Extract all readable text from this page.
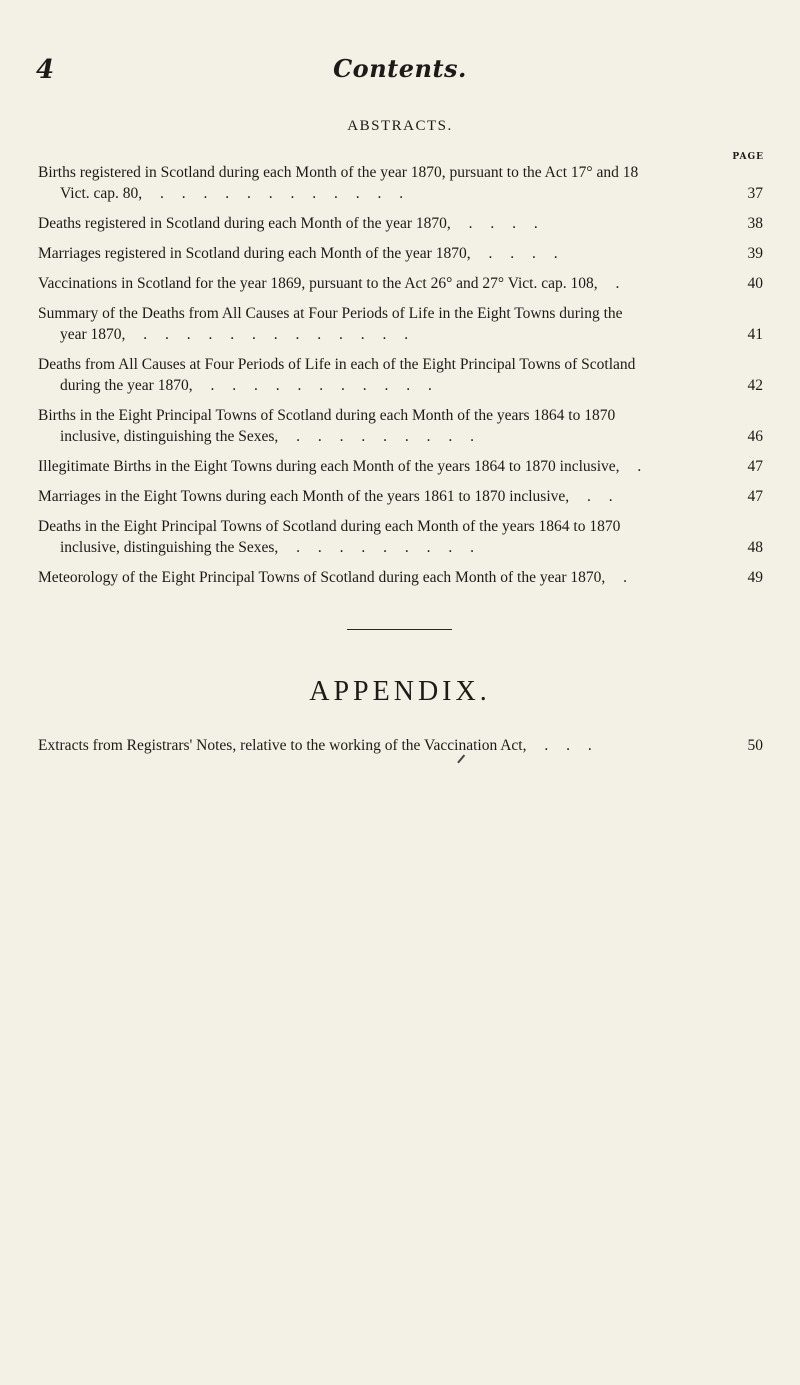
4	Contents.
ABSTRACTS.
PAGE
Births registered in Scotland during each Month of the year 1870, pursuant to the Act 17° and 18
Vict. cap. 80, . . . . . . . . . . . .	37
Deaths registered in Scotland during each Month of the year 1870, . . . .	38
Marriages registered in Scotland during each Month of the year 1870, . . . .	39
Vaccinations in Scotland for the year 1869, pursuant to the Act 26° and 27° Vict. cap. 108, .	40
Summary of the Deaths from All Causes at Four Periods of Life in the Eight Towns during the
year 1870, . . . . . . . . . . . . .	41
Deaths from All Causes at Four Periods of Life in each of the Eight Principal Towns of Scotland
during the year 1870, . . . . . . . . . . .	42
Births in the Eight Principal Towns of Scotland during each Month of the years 1864 to 1870
inclusive, distinguishing the Sexes, . . . . . . . . .	46
Illegitimate Births in the Eight Towns during each Month of the years 1864 to 1870 inclusive, .	47
Marriages in the Eight Towns during each Month of the years 1861 to 1870 inclusive, . .	47
Deaths in the Eight Principal Towns of Scotland during each Month of the years 1864 to 1870
inclusive, distinguishing the Sexes, . . . . . . . . .	48
Meteorology of the Eight Principal Towns of Scotland during each Month of the year 1870, .	49
APPENDIX.
Extracts from Registrars' Notes, relative to the working of the Vaccination Act, . . .	50
